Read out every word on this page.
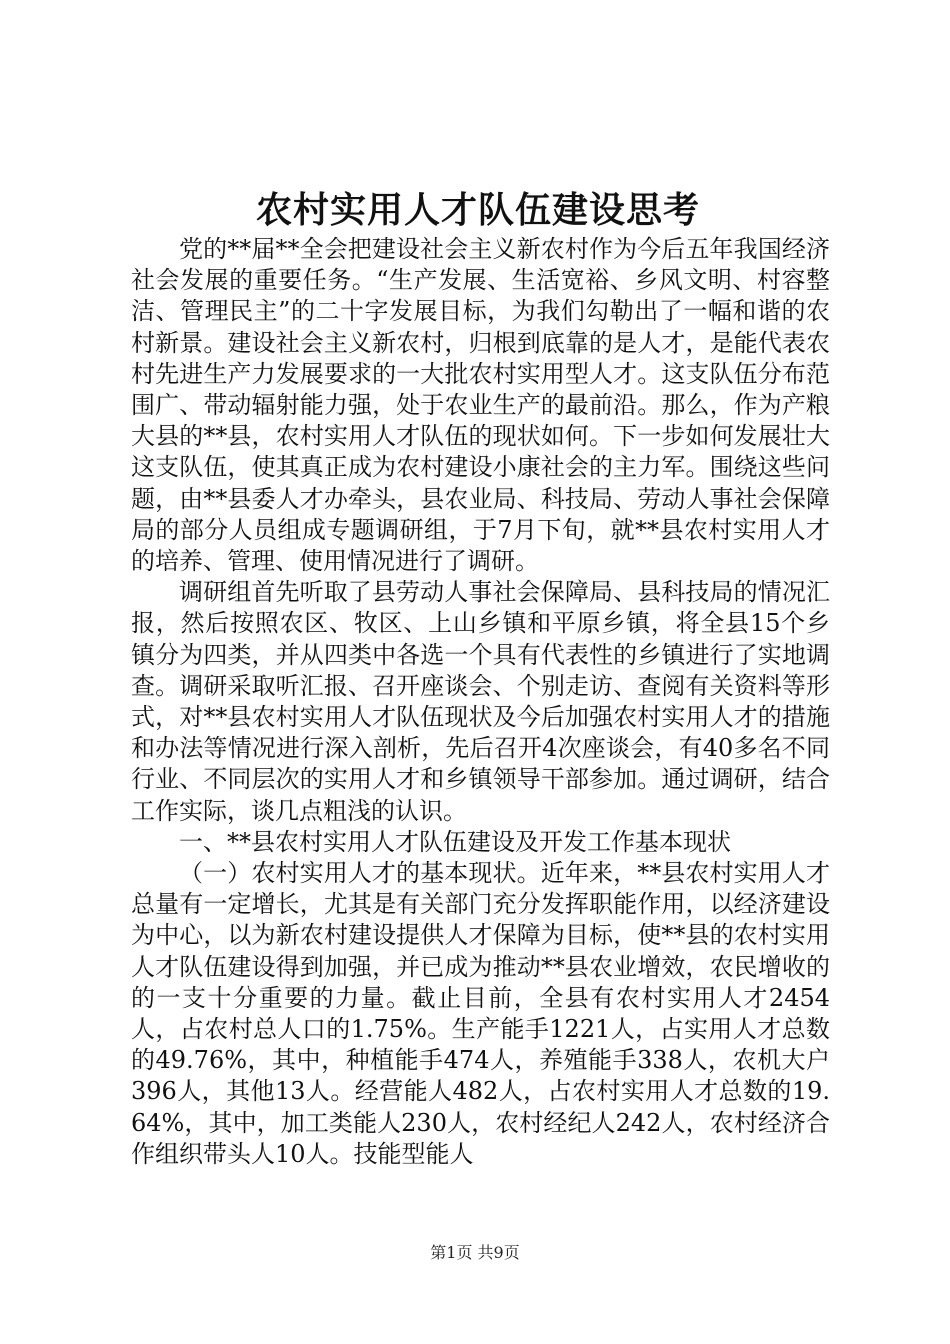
农村实用人才队伍建设思考

党的**届**全会把建设社会主义新农村作为今后五年我国经济社会发展的重要任务。“生产发展、生活宽裕、乡风文明、村容整洁、管理民主”的二十字发展目标，为我们勾勒出了一幅和谐的农村新景。建设社会主义新农村，归根到底靠的是人才，是能代表农村先进生产力发展要求的一大批农村实用型人才。这支队伍分布范围广、带动辐射能力强，处于农业生产的最前沿。那么，作为产粮大县的**县，农村实用人才队伍的现状如何。下一步如何发展壮大这支队伍，使其真正成为农村建设小康社会的主力军。围绕这些问题，由**县委人才办牵头，县农业局、科技局、劳动人事社会保障局的部分人员组成专题调研组，于7月下旬，就**县农村实用人才的培养、管理、使用情况进行了调研。

调研组首先听取了县劳动人事社会保障局、县科技局的情况汇报，然后按照农区、牧区、上山乡镇和平原乡镇，将全县15个乡镇分为四类，并从四类中各选一个具有代表性的乡镇进行了实地调查。调研采取听汇报、召开座谈会、个别走访、查阅有关资料等形式，对**县农村实用人才队伍现状及今后加强农村实用人才的措施和办法等情况进行深入剖析，先后召开4次座谈会，有40多名不同行业、不同层次的实用人才和乡镇领导干部参加。通过调研，结合工作实际，谈几点粗浅的认识。

一、**县农村实用人才队伍建设及开发工作基本现状

（一）农村实用人才的基本现状。近年来，**县农村实用人才总量有一定增长，尤其是有关部门充分发挥职能作用，以经济建设为中心，以为新农村建设提供人才保障为目标，使**县的农村实用人才队伍建设得到加强，并已成为推动**县农业增效，农民增收的的一支十分重要的力量。截止目前，全县有农村实用人才2454人，占农村总人口的1.75%。生产能手1221人，占实用人才总数的49.76%，其中，种植能手474人，养殖能手338人，农机大户396人，其他13人。经营能人482人，占农村实用人才总数的19.64%，其中，加工类能人230人，农村经纪人242人，农村经济合作组织带头人10人。技能型能人

第1页 共9页
